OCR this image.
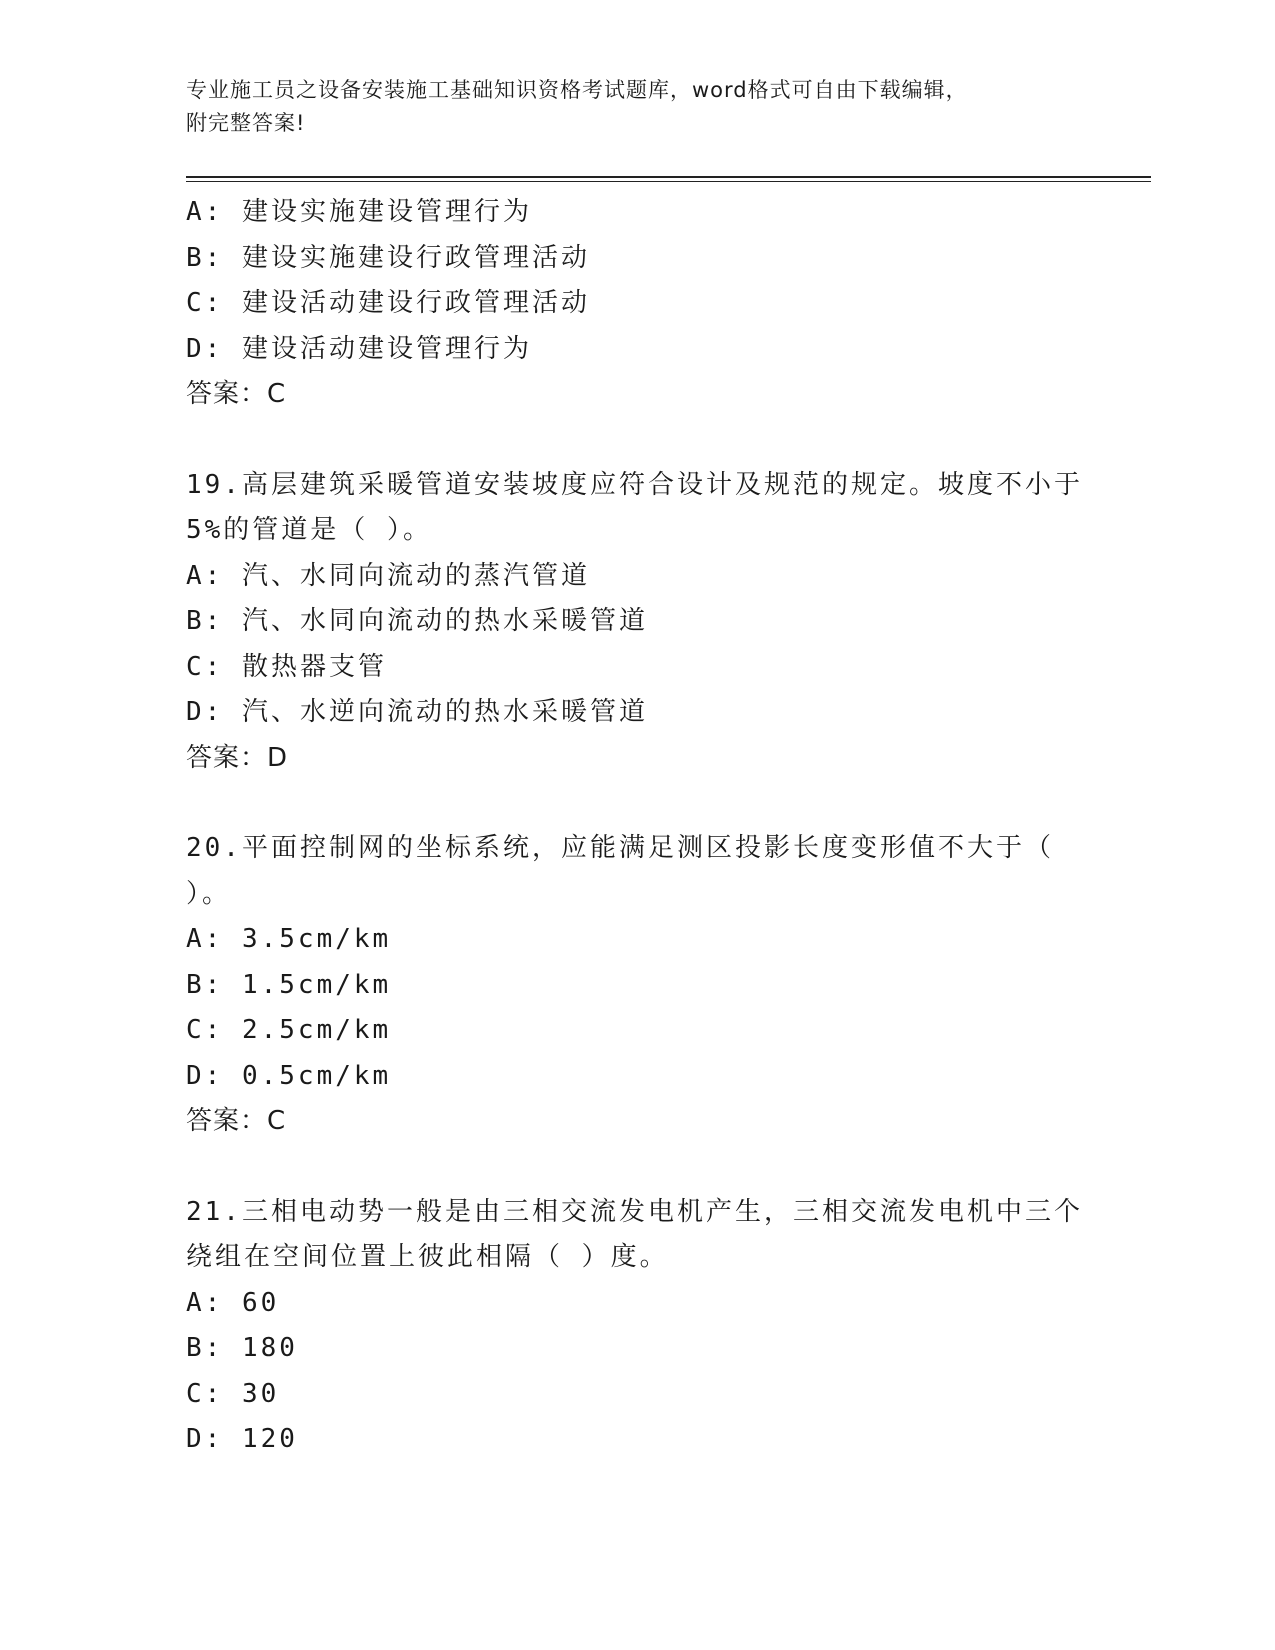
专业施工员之设备安装施工基础知识资格考试题库，word格式可自由下载编辑，
附完整答案!
A: 建设实施建设管理行为
B: 建设实施建设行政管理活动
C: 建设活动建设行政管理活动
D: 建设活动建设管理行为
答案：C
19.高层建筑采暖管道安装坡度应符合设计及规范的规定。坡度不小于
5%的管道是（ ）。
A: 汽、水同向流动的蒸汽管道
B: 汽、水同向流动的热水采暖管道
C: 散热器支管
D: 汽、水逆向流动的热水采暖管道
答案：D
20.平面控制网的坐标系统，应能满足测区投影长度变形值不大于（
）。
A: 3.5cm/km
B: 1.5cm/km
C: 2.5cm/km
D: 0.5cm/km
答案：C
21.三相电动势一般是由三相交流发电机产生，三相交流发电机中三个
绕组在空间位置上彼此相隔（ ）度。
A: 60
B: 180
C: 30
D: 120
